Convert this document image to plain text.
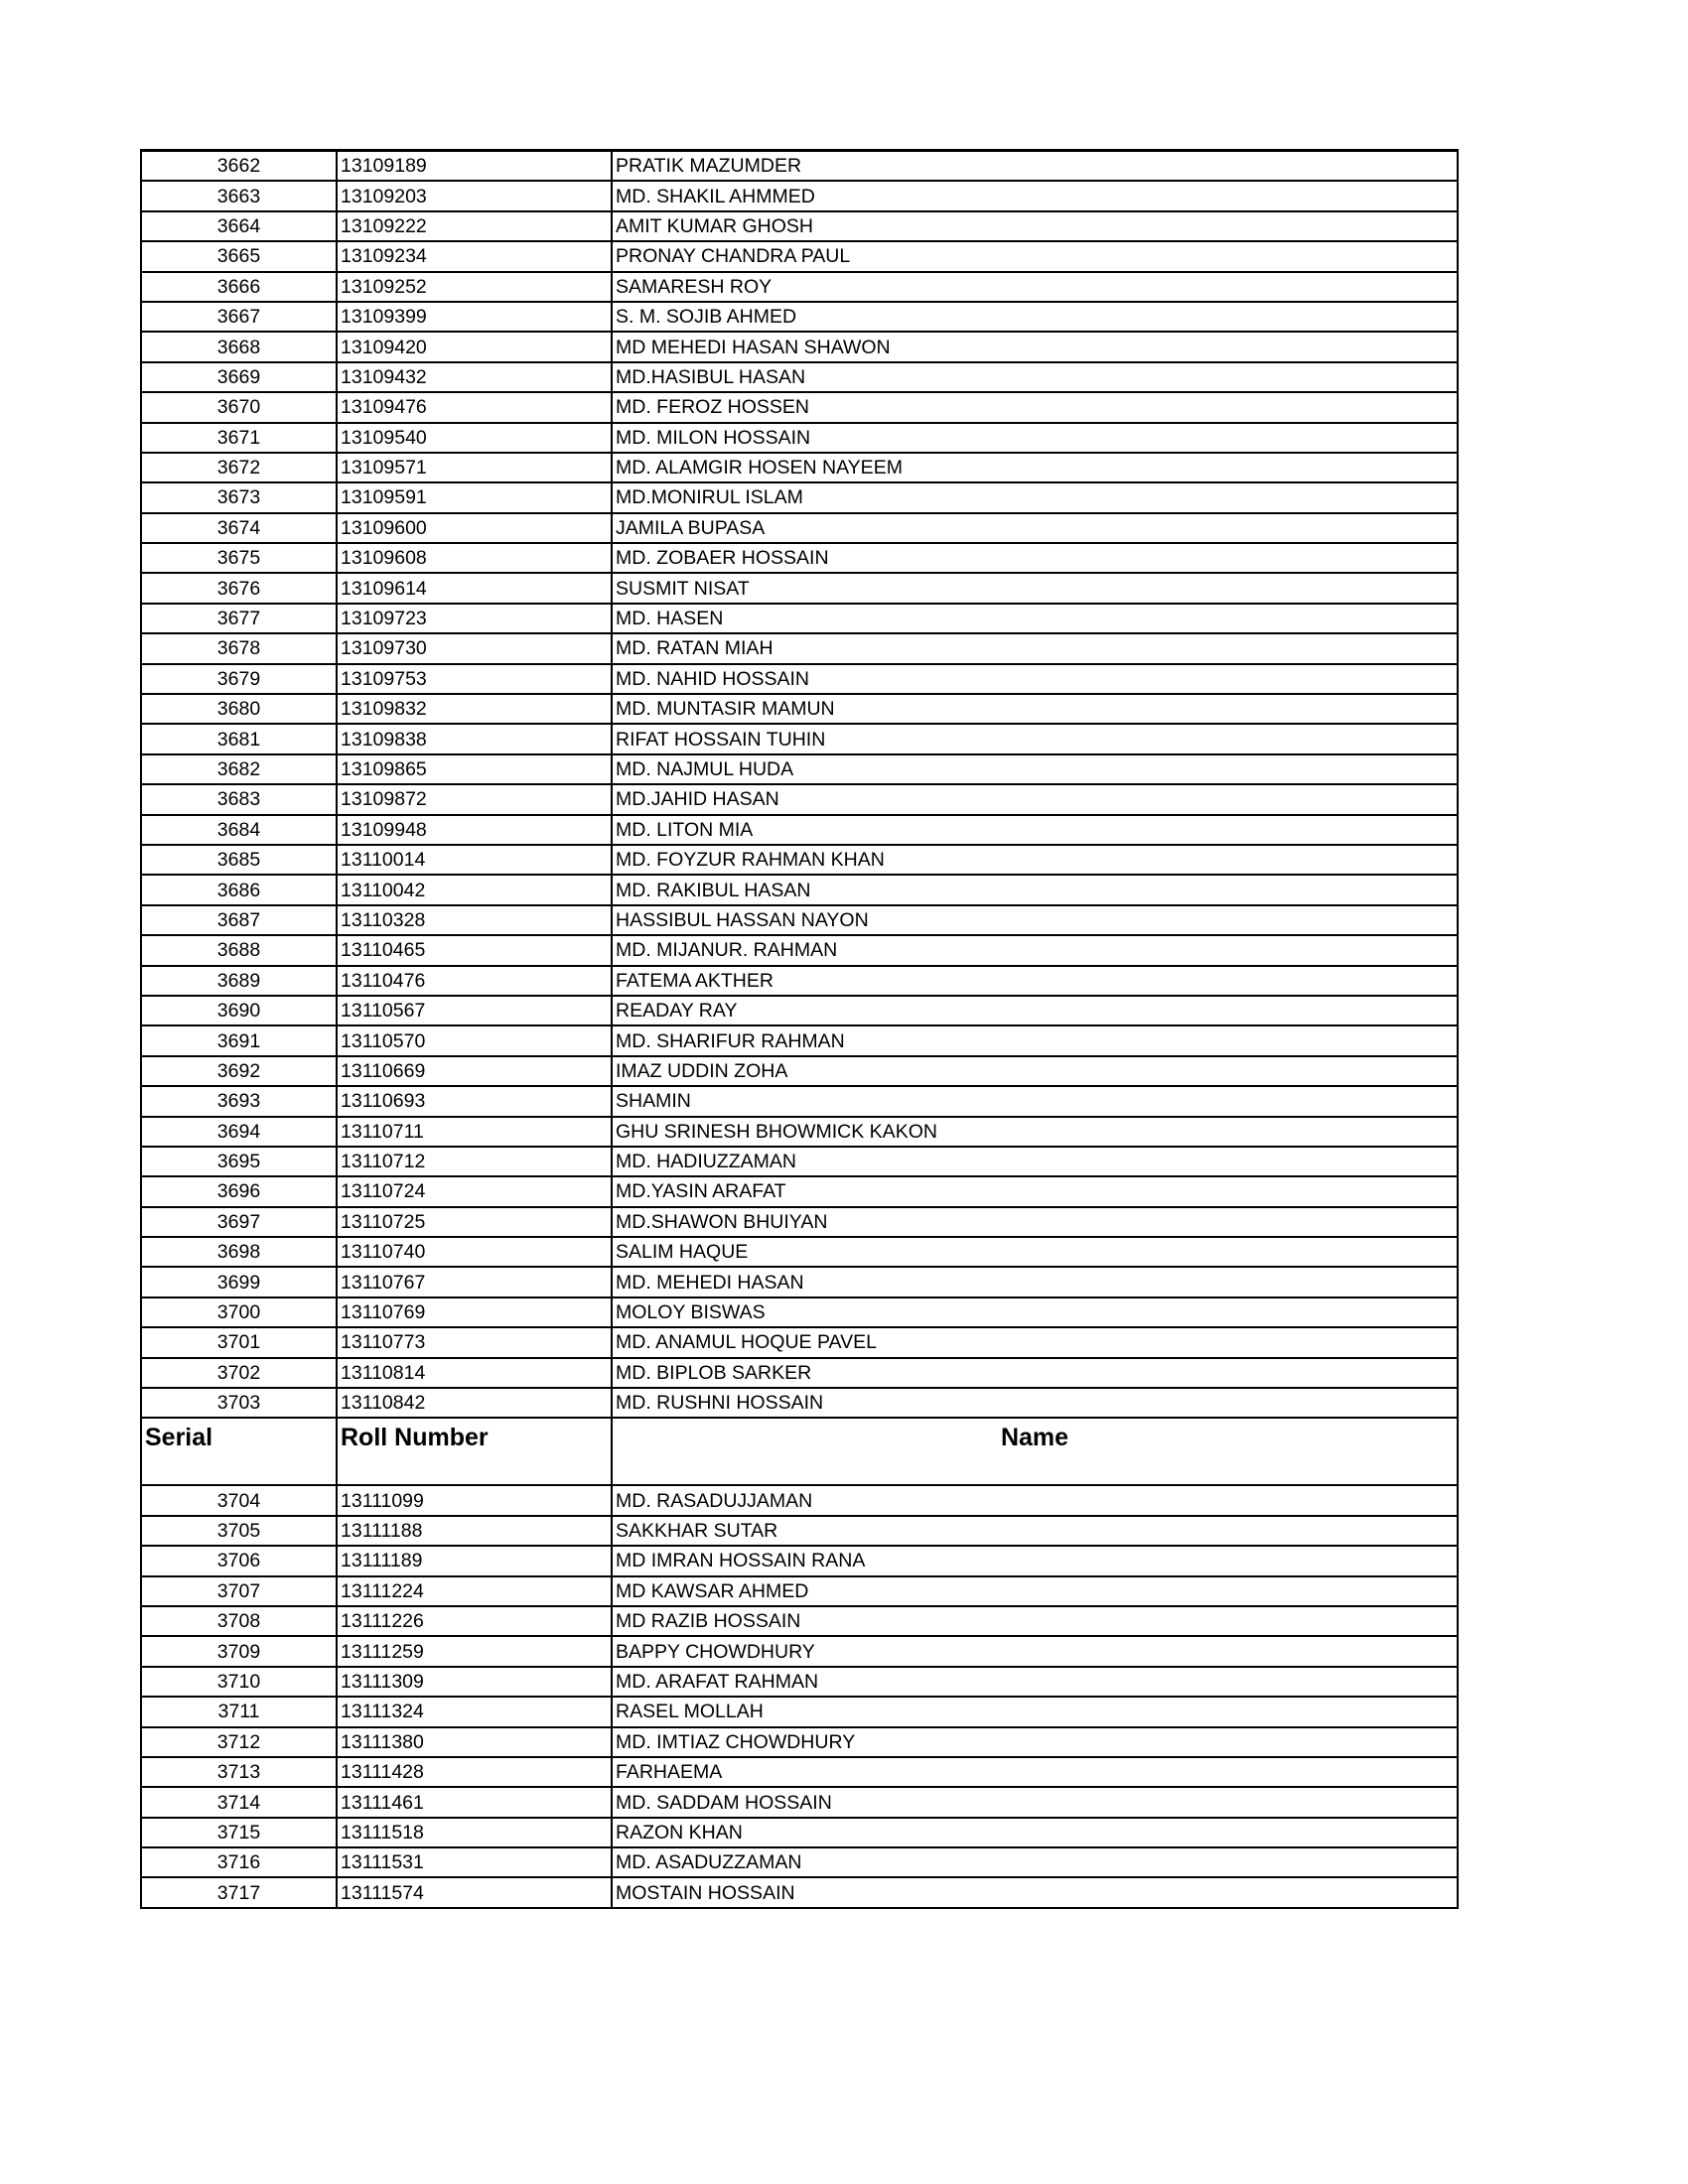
3662	13109189	PRATIK MAZUMDER
3663	13109203	MD. SHAKIL AHMMED
3664	13109222	AMIT KUMAR GHOSH
3665	13109234	PRONAY CHANDRA PAUL
3666	13109252	SAMARESH ROY
3667	13109399	S. M. SOJIB AHMED
3668	13109420	MD MEHEDI HASAN SHAWON
3669	13109432	MD.HASIBUL HASAN
3670	13109476	MD. FEROZ HOSSEN
3671	13109540	MD. MILON HOSSAIN
3672	13109571	MD. ALAMGIR HOSEN NAYEEM
3673	13109591	MD.MONIRUL ISLAM
3674	13109600	JAMILA BUPASA
3675	13109608	MD. ZOBAER HOSSAIN
3676	13109614	SUSMIT NISAT
3677	13109723	MD. HASEN
3678	13109730	MD. RATAN MIAH
3679	13109753	MD. NAHID HOSSAIN
3680	13109832	MD. MUNTASIR MAMUN
3681	13109838	RIFAT HOSSAIN TUHIN
3682	13109865	MD. NAJMUL HUDA
3683	13109872	MD.JAHID HASAN
3684	13109948	MD. LITON MIA
3685	13110014	MD. FOYZUR RAHMAN KHAN
3686	13110042	MD. RAKIBUL HASAN
3687	13110328	HASSIBUL HASSAN NAYON
3688	13110465	MD. MIJANUR. RAHMAN
3689	13110476	FATEMA AKTHER
3690	13110567	READAY RAY
3691	13110570	MD. SHARIFUR RAHMAN
3692	13110669	IMAZ UDDIN ZOHA
3693	13110693	SHAMIN
3694	13110711	GHU SRINESH BHOWMICK KAKON
3695	13110712	MD. HADIUZZAMAN
3696	13110724	MD.YASIN ARAFAT
3697	13110725	MD.SHAWON BHUIYAN
3698	13110740	SALIM HAQUE
3699	13110767	MD. MEHEDI HASAN
3700	13110769	MOLOY BISWAS
3701	13110773	MD. ANAMUL HOQUE PAVEL
3702	13110814	MD. BIPLOB SARKER
3703	13110842	MD. RUSHNI HOSSAIN
Serial	Roll Number	Name
3704	13111099	MD. RASADUJJAMAN
3705	13111188	SAKKHAR SUTAR
3706	13111189	MD IMRAN HOSSAIN RANA
3707	13111224	MD KAWSAR AHMED
3708	13111226	MD RAZIB HOSSAIN
3709	13111259	BAPPY CHOWDHURY
3710	13111309	MD. ARAFAT RAHMAN
3711	13111324	RASEL MOLLAH
3712	13111380	MD. IMTIAZ CHOWDHURY
3713	13111428	FARHAEMA
3714	13111461	MD. SADDAM HOSSAIN
3715	13111518	RAZON KHAN
3716	13111531	MD. ASADUZZAMAN
3717	13111574	MOSTAIN HOSSAIN
